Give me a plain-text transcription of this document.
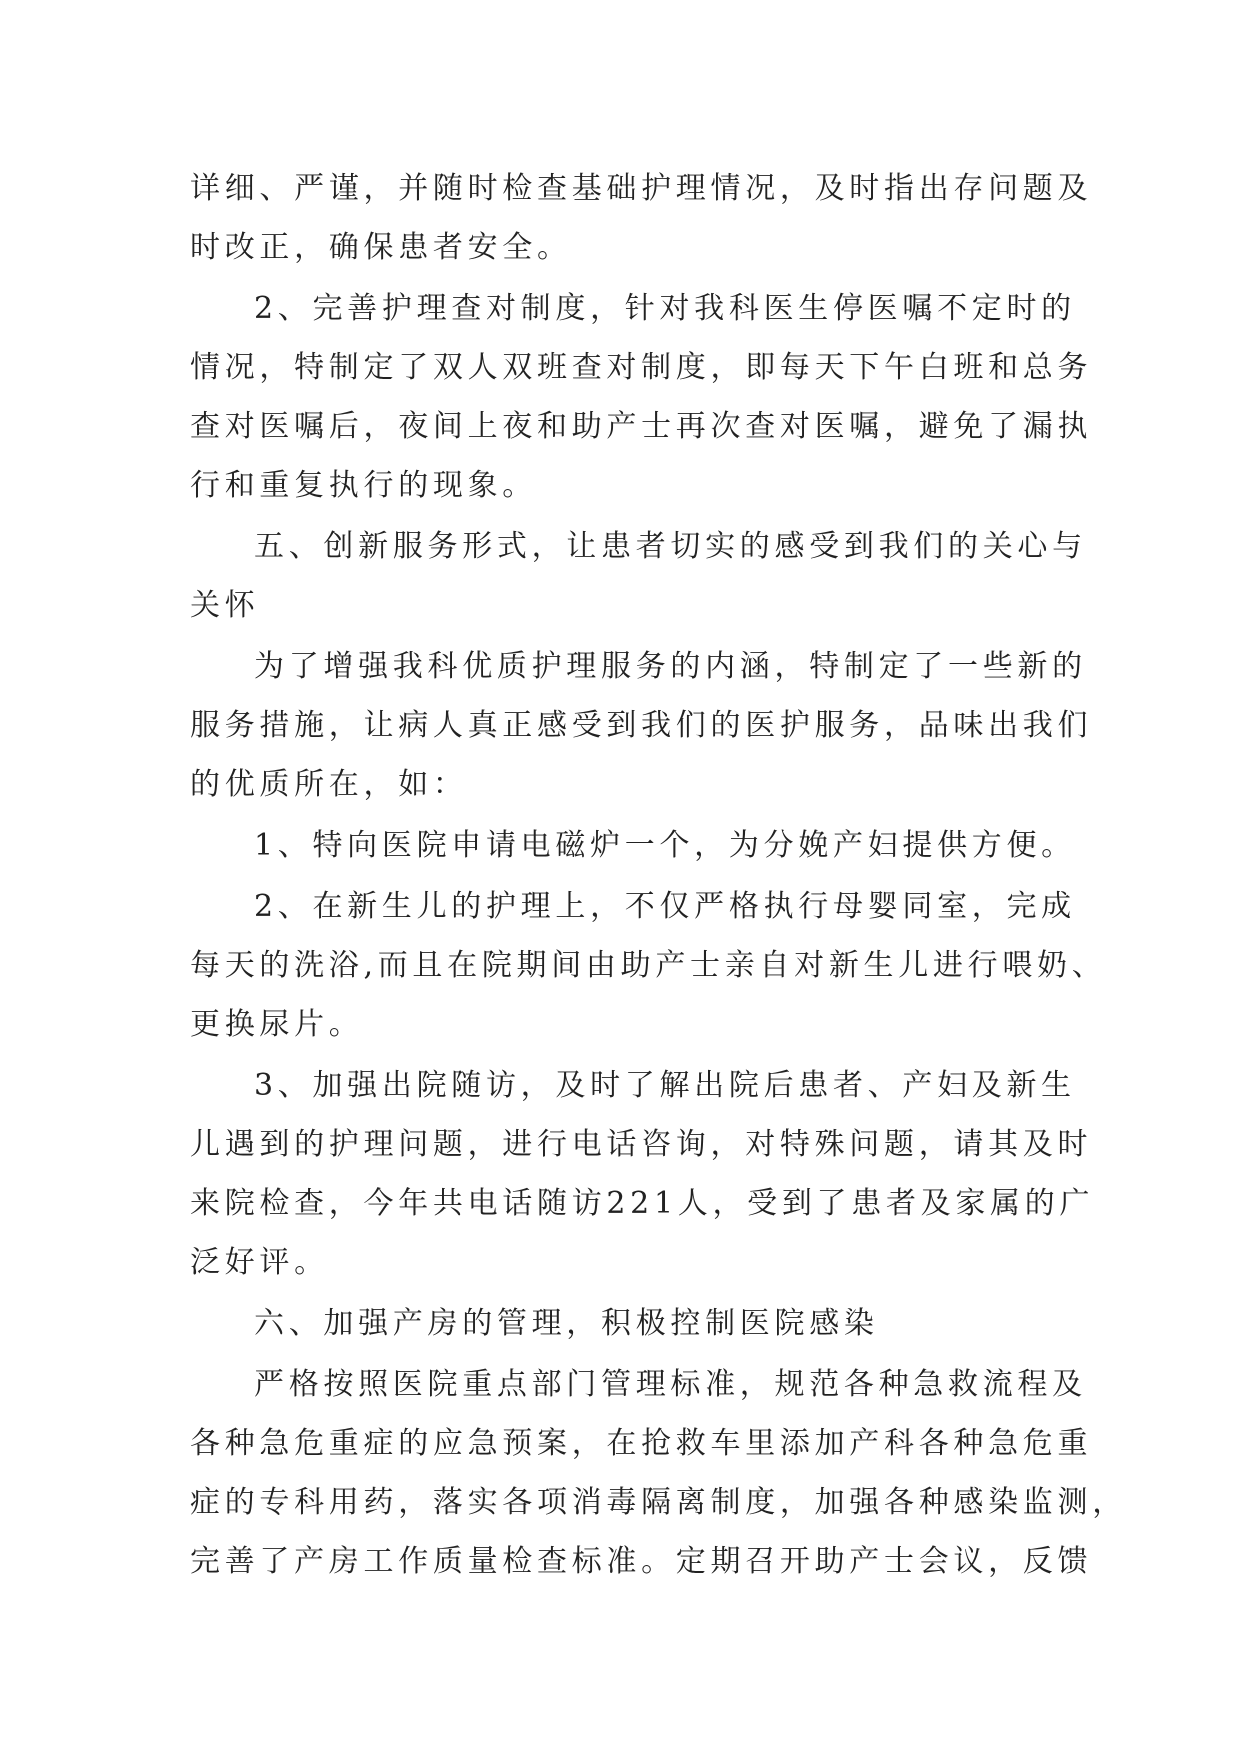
详细、严谨，并随时检查基础护理情况，及时指出存问题及
时改正，确保患者安全。
2、完善护理查对制度，针对我科医生停医嘱不定时的
情况，特制定了双人双班查对制度，即每天下午白班和总务
查对医嘱后，夜间上夜和助产士再次查对医嘱，避免了漏执
行和重复执行的现象。
五、创新服务形式，让患者切实的感受到我们的关心与
关怀
为了增强我科优质护理服务的内涵，特制定了一些新的
服务措施，让病人真正感受到我们的医护服务，品味出我们
的优质所在，如：
1、特向医院申请电磁炉一个，为分娩产妇提供方便。
2、在新生儿的护理上，不仅严格执行母婴同室，完成
每天的洗浴,而且在院期间由助产士亲自对新生儿进行喂奶、
更换尿片。
3、加强出院随访，及时了解出院后患者、产妇及新生
儿遇到的护理问题，进行电话咨询，对特殊问题，请其及时
来院检查，今年共电话随访221人，受到了患者及家属的广
泛好评。
六、加强产房的管理，积极控制医院感染
严格按照医院重点部门管理标准，规范各种急救流程及
各种急危重症的应急预案，在抢救车里添加产科各种急危重
症的专科用药，落实各项消毒隔离制度，加强各种感染监测，
完善了产房工作质量检查标准。定期召开助产士会议，反馈
